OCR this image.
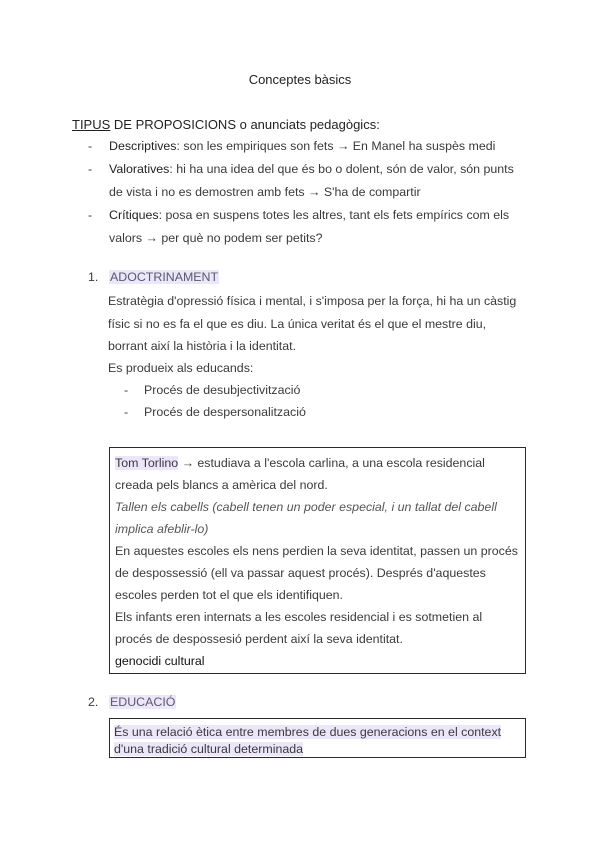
Conceptes bàsics
TIPUS DE PROPOSICIONS o anunciats pedagògics:

- Descriptives: son les empiriques son fets → En Manel ha suspès medi

- Valoratives: hi ha una idea del que és bo o dolent, són de valor, són punts de vista i no es demostren amb fets → S'ha de compartir

- Crítiques: posa en suspens totes les altres, tant els fets empírics com els valors → per què no podem ser petits?

1. ADOCTRINAMENT
Estratègia d'opressió física i mental, i s'imposa per la força, hi ha un càstig físic si no es fa el que es diu. La única veritat és el que el mestre diu, borrant així la història i la identitat.
Es produeix als educands:
- Procés de desubjectivització
- Procés de despersonalització

Tom Torlino → estudiava a l'escola carlina, a una escola residencial creada pels blancs a amèrica del nord.

Tallen els cabells (cabell tenen un poder especial, i un tallat del cabell implica afeblir-lo)

En aquestes escoles els nens perdien la seva identitat, passen un procés de despossessió (ell va passar aquest procés). Després d'aquestes escoles perden tot el que els identifiquen.

Els infants eren internats a les escoles residencial i es sotmetien al procés de despossesió perdent així la seva identitat.

genocidi cultural

2. EDUCACIÓ

És una relació ètica entre membres de dues generacions en el context d'una tradició cultural determinada
